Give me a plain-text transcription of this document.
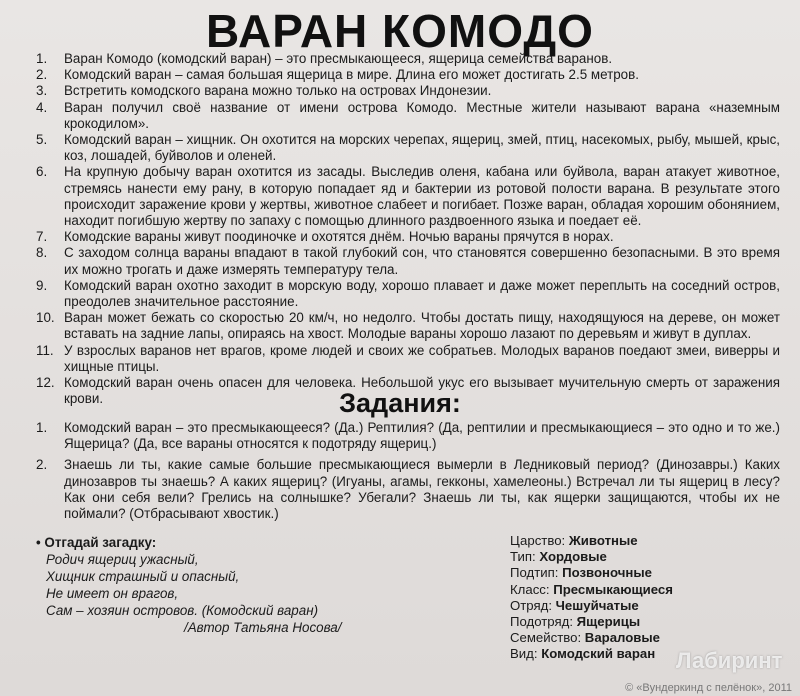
ВАРАН КОМОДО
1.	Варан Комодо (комодский варан) – это пресмыкающееся, ящерица семейства варанов.
2.	Комодский варан – самая большая ящерица в мире. Длина его может достигать 2.5 метров.
3.	Встретить комодского варана можно только на островах Индонезии.
4.	Варан получил своё название от имени острова Комодо. Местные жители называют варана «наземным крокодилом».
5.	Комодский варан – хищник. Он охотится на морских черепах, ящериц, змей, птиц, насекомых, рыбу, мышей, крыс, коз, лошадей, буйволов и оленей.
6.	На крупную добычу варан охотится из засады. Выследив оленя, кабана или буйвола, варан атакует животное, стремясь нанести ему рану, в которую попадает яд и бактерии из ротовой полости варана. В результате этого происходит заражение крови у жертвы, животное слабеет и погибает. Позже варан, обладая хорошим обонянием, находит погибшую жертву по запаху с помощью длинного раздвоенного языка и поедает её.
7.	Комодские вараны живут поодиночке и охотятся днём. Ночью вараны прячутся в норах.
8.	С заходом солнца вараны впадают в такой глубокий сон, что становятся совершенно безопасными. В это время их можно трогать и даже измерять температуру тела.
9.	Комодский варан охотно заходит в морскую воду, хорошо плавает и даже может переплыть на соседний остров, преодолев значительное расстояние.
10. Варан может бежать со скоростью 20 км/ч, но недолго. Чтобы достать пищу, находящуюся на дереве, он может вставать на задние лапы, опираясь на хвост. Молодые вараны хорошо лазают по деревьям и живут в дуплах.
11. У взрослых варанов нет врагов, кроме людей и своих же собратьев. Молодых варанов поедают змеи, виверры и хищные птицы.
12. Комодский варан очень опасен для человека. Небольшой укус его вызывает мучительную смерть от заражения крови.	Задания:
1.	Комодский варан – это пресмыкающееся? (Да.) Рептилия? (Да, рептилии и пресмыкающиеся – это одно и то же.) Ящерица? (Да, все вараны относятся к подотряду ящериц.)
2.	Знаешь ли ты, какие самые большие пресмыкающиеся вымерли в Ледниковый период? (Динозавры.) Каких динозавров ты знаешь? А каких ящериц? (Игуаны, агамы, гекконы, хамелеоны.) Встречал ли ты ящериц в лесу? Как они себя вели? Грелись на солнышке? Убегали? Знаешь ли ты, как ящерки защищаются, чтобы их не поймали? (Отбрасывают хвостик.)
• Отгадай загадку:
Родич ящериц ужасный,
Хищник страшный и опасный,
Не имеет он врагов,
Сам – хозяин островов. (Комодский варан)
/Автор Татьяна Носова/
Царство: Животные
Тип: Хордовые
Подтип: Позвоночные
Класс: Пресмыкающиеся
Отряд: Чешуйчатые
Подотряд: Ящерицы
Семейство: Вараловые
Вид: Комодский варан Лабиринт
© «Вундеркинд с пелёнок», 2011
